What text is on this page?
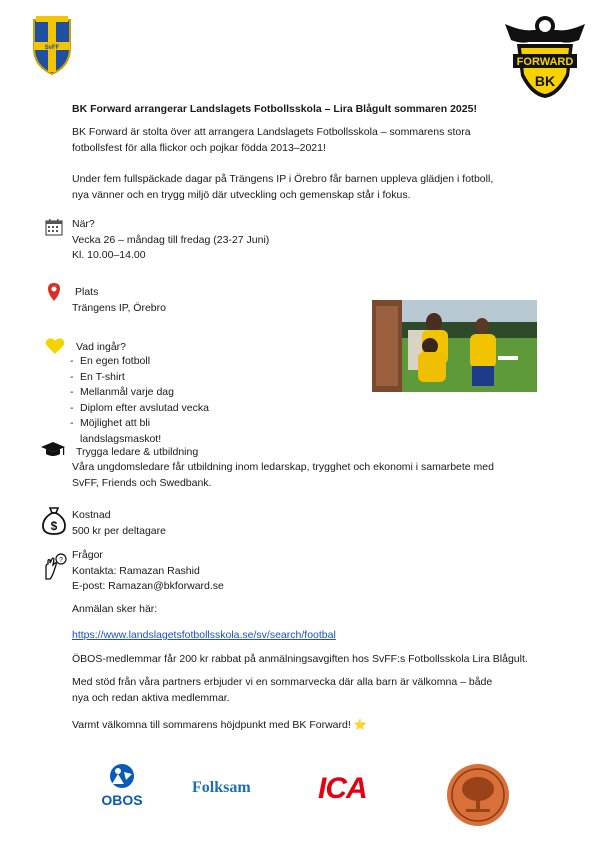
SvFF
FORWARD
BK
BK Forward arrangerar Landslagets Fotbollsskola – Lira Blågult sommaren 2025!
BK Forward är stolta över att arrangera Landslagets Fotbollsskola – sommarens stora
fotbollsfest för alla flickor och pojkar födda 2013–2021!
Under fem fullspäckade dagar på Trängens IP i Örebro får barnen uppleva glädjen i fotboll,
nya vänner och en trygg miljö där utveckling och gemenskap står i fokus.
När?
Vecka 26 – måndag till fredag (23-27 Juni)
Kl. 10.00–14.00
Plats
Trängens IP, Örebro
Vad ingår?
- En egen fotboll
- En T-shirt
- Mellanmål varje dag
- Diplom efter avslutad vecka
- Möjlighet att bli
landslagsmaskot!
Trygga ledare & utbildning
Våra ungdomsledare får utbildning inom ledarskap, trygghet och ekonomi i samarbete med
SvFF, Friends och Swedbank.
$
Kostnad
500 kr per deltagare
? Frågor
Kontakta: Ramazan Rashid
E-post: Ramazan@bkforward.se
Anmälan sker här:
https://www.landslagetsfotbollsskola.se/sv/search/footbal
ÖBOS-medlemmar får 200 kr rabbat på anmälningsavgiften hos SvFF:s Fotbollsskola Lira Blågult.
Med stöd från våra partners erbjuder vi en sommarvecka där alla barn är välkomna – både
nya och redan aktiva medlemmar.
Varmt välkomna till sommarens höjdpunkt med BK Forward! ⭐
OBOS
Folksam ICA
